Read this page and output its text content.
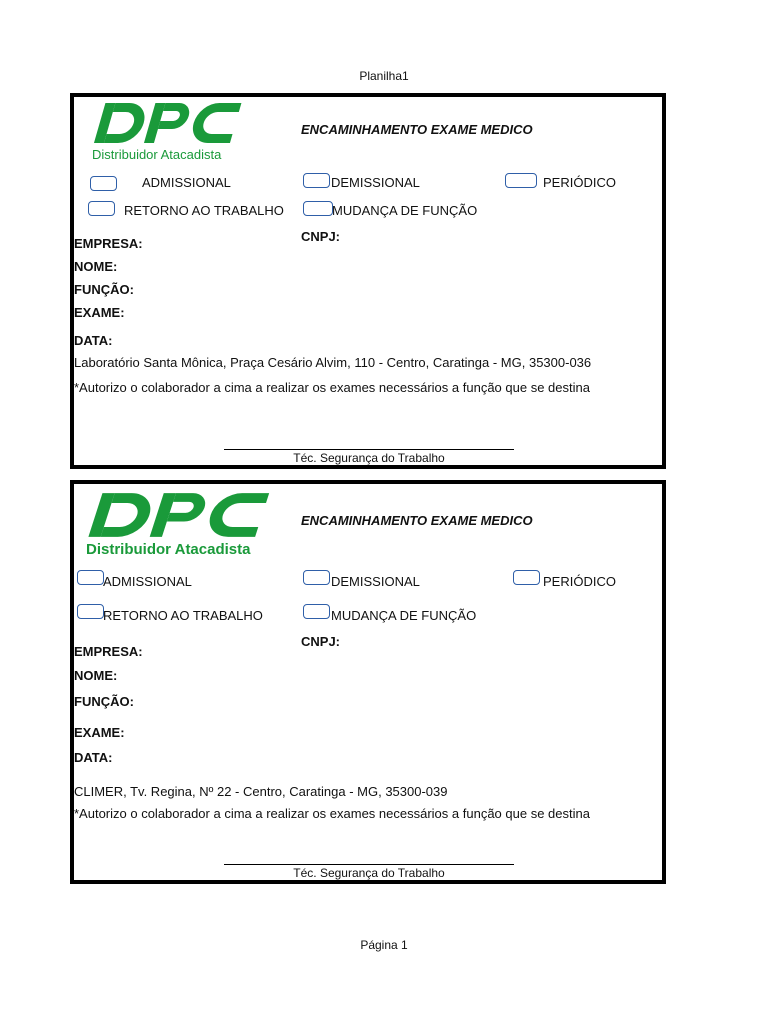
Planilha1
Distribuidor Atacadista
ENCAMINHAMENTO EXAME MEDICO
ADMISSIONAL	DEMISSIONAL	PERIÓDICO
RETORNO AO TRABALHO	MUDANÇA DE FUNÇÃO
CNPJ:
EMPRESA:
NOME:
FUNÇÃO:
EXAME:
DATA:
Laboratório Santa Mônica, Praça Cesário Alvim, 110 - Centro, Caratinga - MG, 35300-036
*Autorizo o colaborador a cima a realizar os exames necessários a função que se destina
Téc. Segurança do Trabalho
Distribuidor Atacadista
ENCAMINHAMENTO EXAME MEDICO
ADMISSIONAL	DEMISSIONAL	PERIÓDICO
RETORNO AO TRABALHO	MUDANÇA DE FUNÇÃO
CNPJ:
EMPRESA:
NOME:
FUNÇÃO:
EXAME:
DATA:
CLIMER, Tv. Regina, Nº 22 - Centro, Caratinga - MG, 35300-039
*Autorizo o colaborador a cima a realizar os exames necessários a função que se destina
Téc. Segurança do Trabalho
Página 1
